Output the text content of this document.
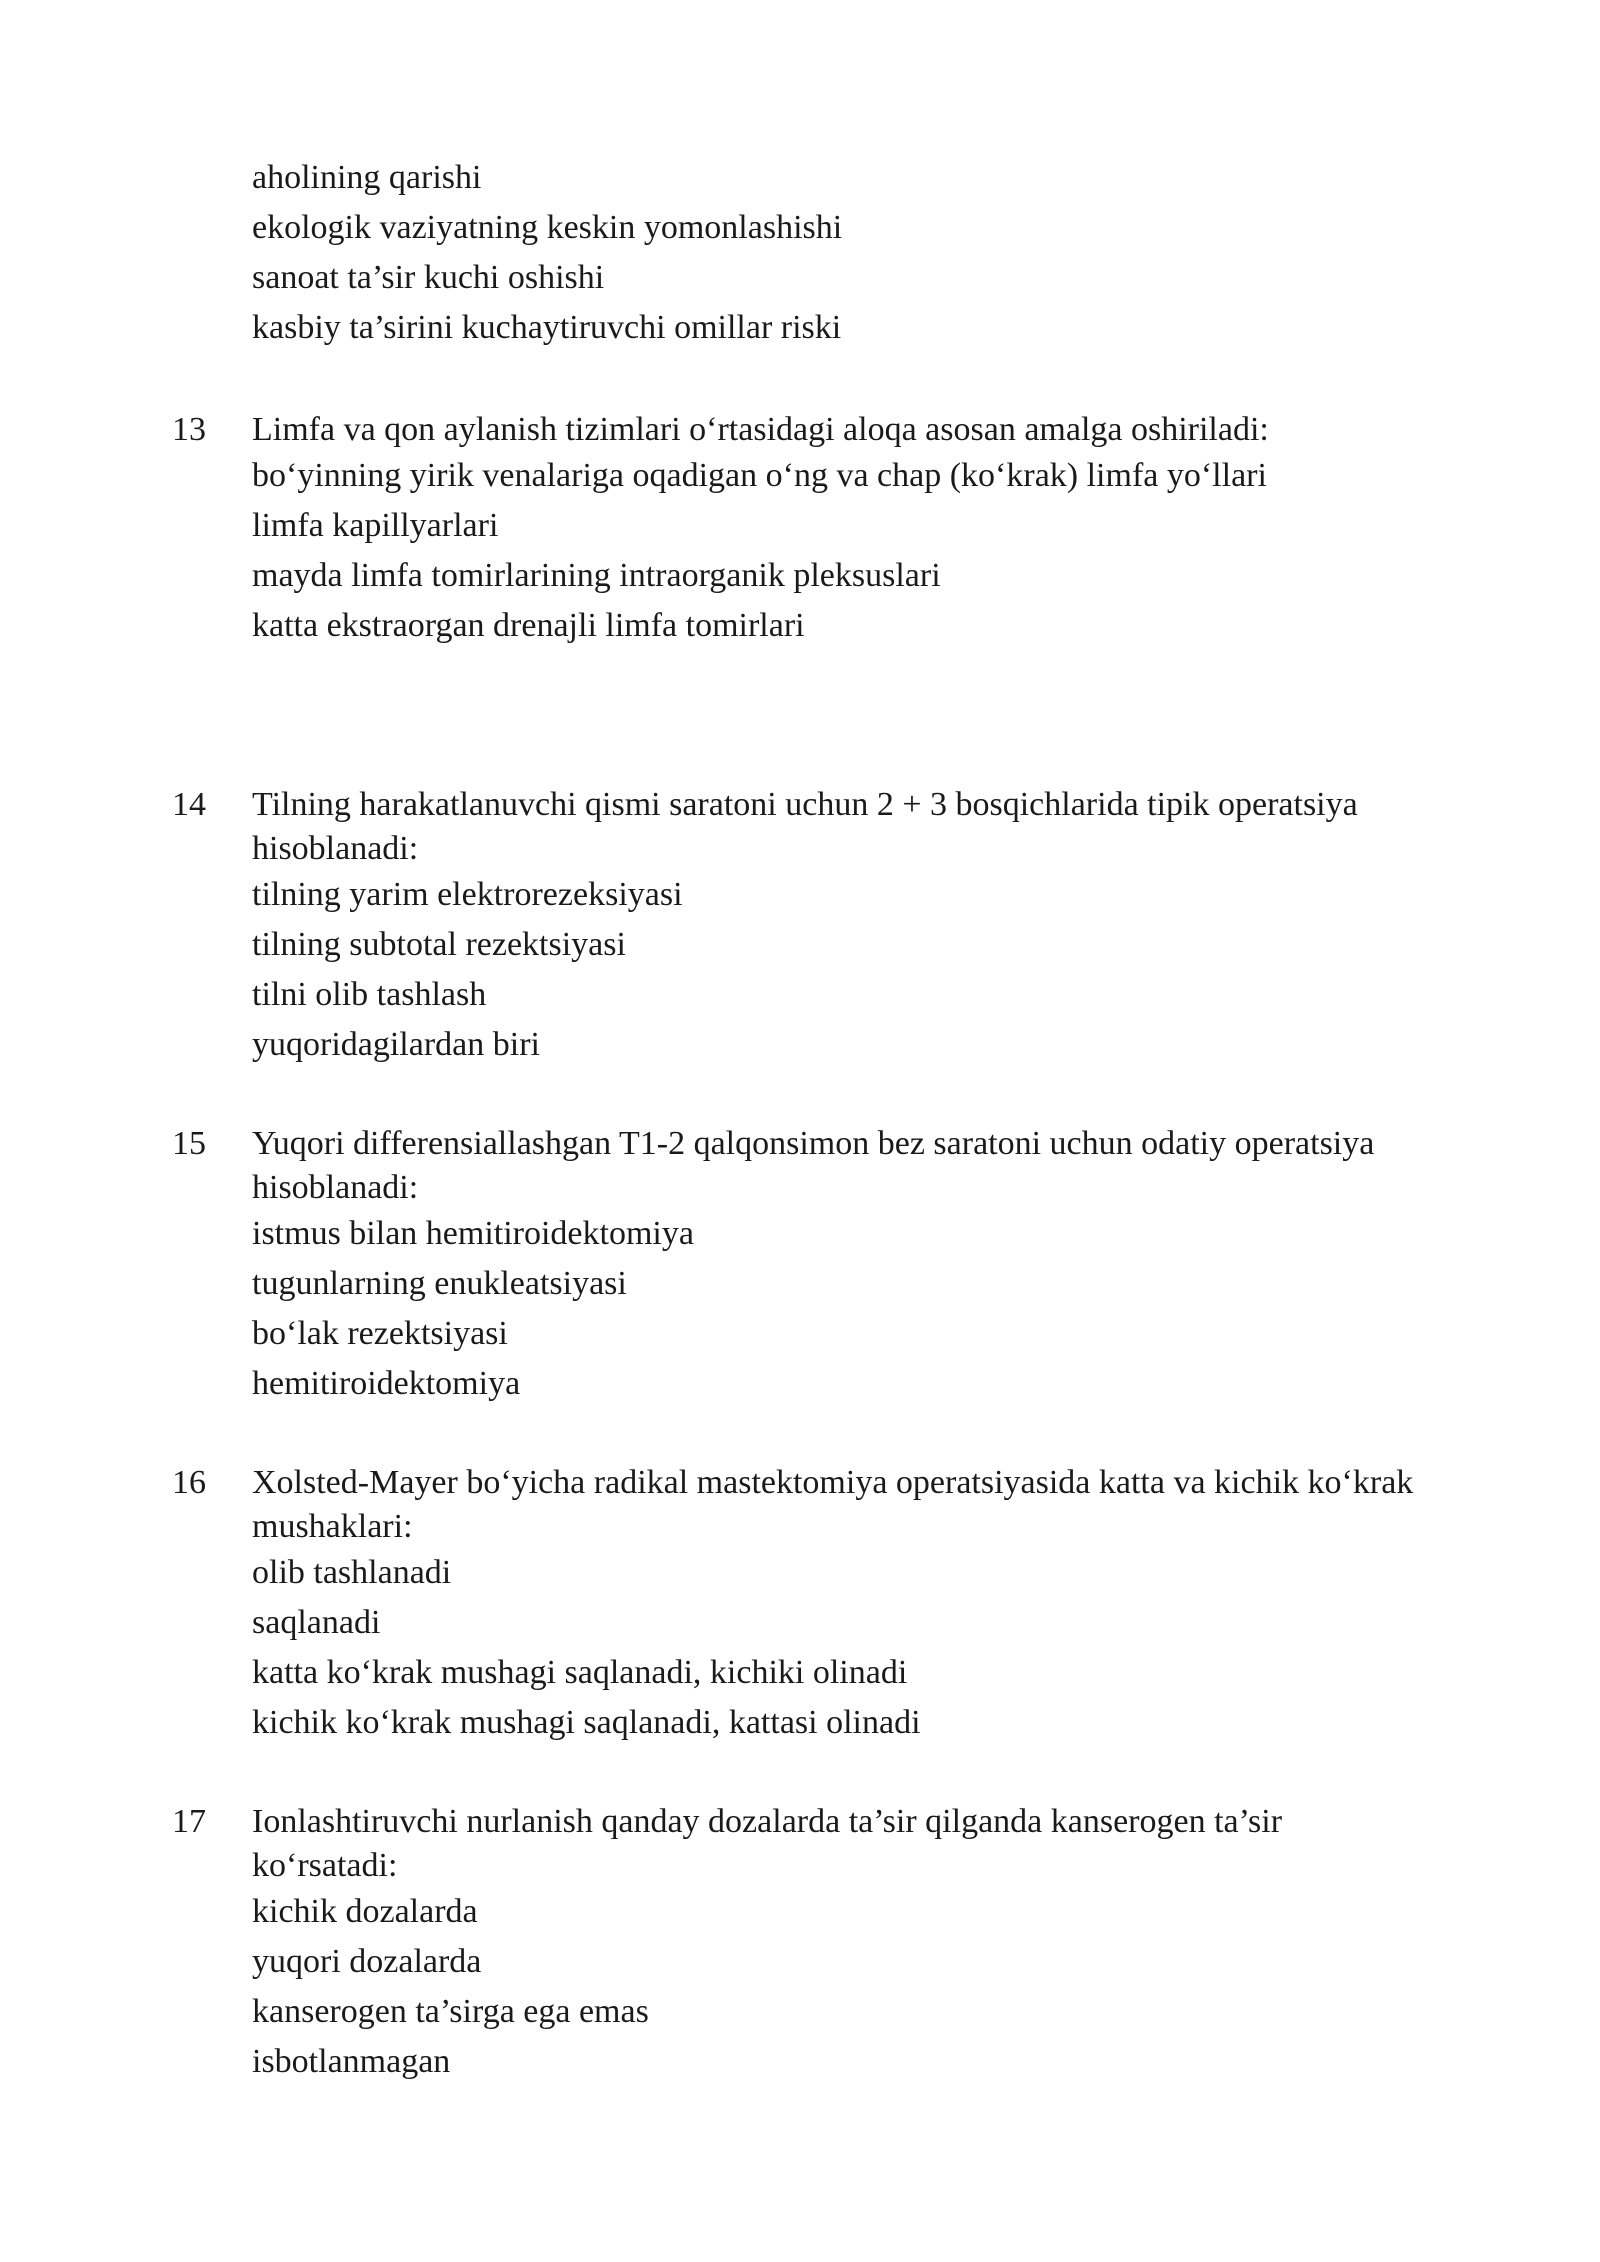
aholining qarishi
ekologik vaziyatning keskin yomonlashishi
sanoat ta’sir kuchi oshishi
kasbiy ta’sirini kuchaytiruvchi omillar riski
13 Limfa va qon aylanish tizimlari o‘rtasidagi aloqa asosan amalga oshiriladi:
bo‘yinning yirik venalariga oqadigan o‘ng va chap (ko‘krak) limfa yo‘llari
limfa kapillyarlari
mayda limfa tomirlarining intraorganik pleksuslari
katta ekstraorgan drenajli limfa tomirlari
14 Tilning harakatlanuvchi qismi saratoni uchun 2 + 3 bosqichlarida tipik operatsiya hisoblanadi:
tilning yarim elektrorezeksiyasi
tilning subtotal rezektsiyasi
tilni olib tashlash
yuqoridagilardan biri
15 Yuqori differensiallashgan T1-2 qalqonsimon bez saratoni uchun odatiy operatsiya hisoblanadi:
istmus bilan hemitiroidektomiya
tugunlarning enukleatsiyasi
bo‘lak rezektsiyasi
hemitiroidektomiya
16 Xolsted-Mayer bo‘yicha radikal mastektomiya operatsiyasida katta va kichik ko‘krak mushaklari:
olib tashlanadi
saqlanadi
katta ko‘krak mushagi saqlanadi, kichiki olinadi
kichik ko‘krak mushagi saqlanadi, kattasi olinadi
17 Ionlashtiruvchi nurlanish qanday dozalarda ta’sir qilganda kanserogen ta’sir ko‘rsatadi:
kichik dozalarda
yuqori dozalarda
kanserogen ta’sirga ega emas
isbotlanmagan
